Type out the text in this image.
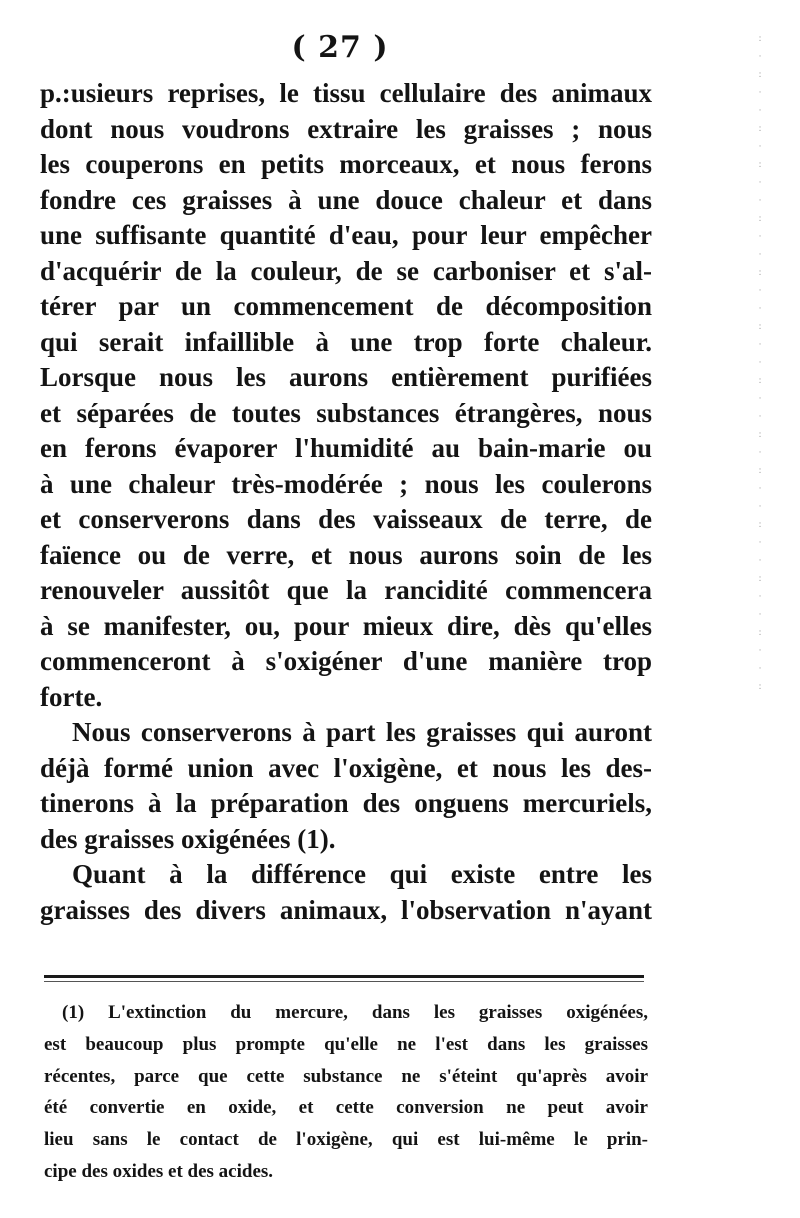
( 27 )
p.:usieurs reprises, le tissu cellulaire des animaux
dont nous voudrons extraire les graisses ; nous
les couperons en petits morceaux, et nous ferons
fondre ces graisses à une douce chaleur et dans
une suffisante quantité d'eau, pour leur empêcher
d'acquérir de la couleur, de se carboniser et s'al-
térer par un commencement de décomposition
qui serait infaillible à une trop forte chaleur.
Lorsque nous les aurons entièrement purifiées
et séparées de toutes substances étrangères, nous
en ferons évaporer l'humidité au bain-marie ou
à une chaleur très-modérée ; nous les coulerons
et conserverons dans des vaisseaux de terre, de
faïence ou de verre, et nous aurons soin de les
renouveler aussitôt que la rancidité commencera
à se manifester, ou, pour mieux dire, dès qu'elles
commenceront à s'oxigéner d'une manière trop
forte.
Nous conserverons à part les graisses qui auront
déjà formé union avec l'oxigène, et nous les des-
tinerons à la préparation des onguens mercuriels,
des graisses oxigénées (1).
Quant à la différence qui existe entre les
graisses des divers animaux, l'observation n'ayant
(1) L'extinction du mercure, dans les graisses oxigénées,
est beaucoup plus prompte qu'elle ne l'est dans les graisses
récentes, parce que cette substance ne s'éteint qu'après avoir
été convertie en oxide, et cette conversion ne peut avoir
lieu sans le contact de l'oxigène, qui est lui-même le prin-
cipe des oxides et des acides.
:
·
:
·
·
:
·
:
·
·
:
·
·
:
·
·
:
·
·
:
·
·
:
·
:
·
·
:
·
·
:
·
·
:
·
·
:
